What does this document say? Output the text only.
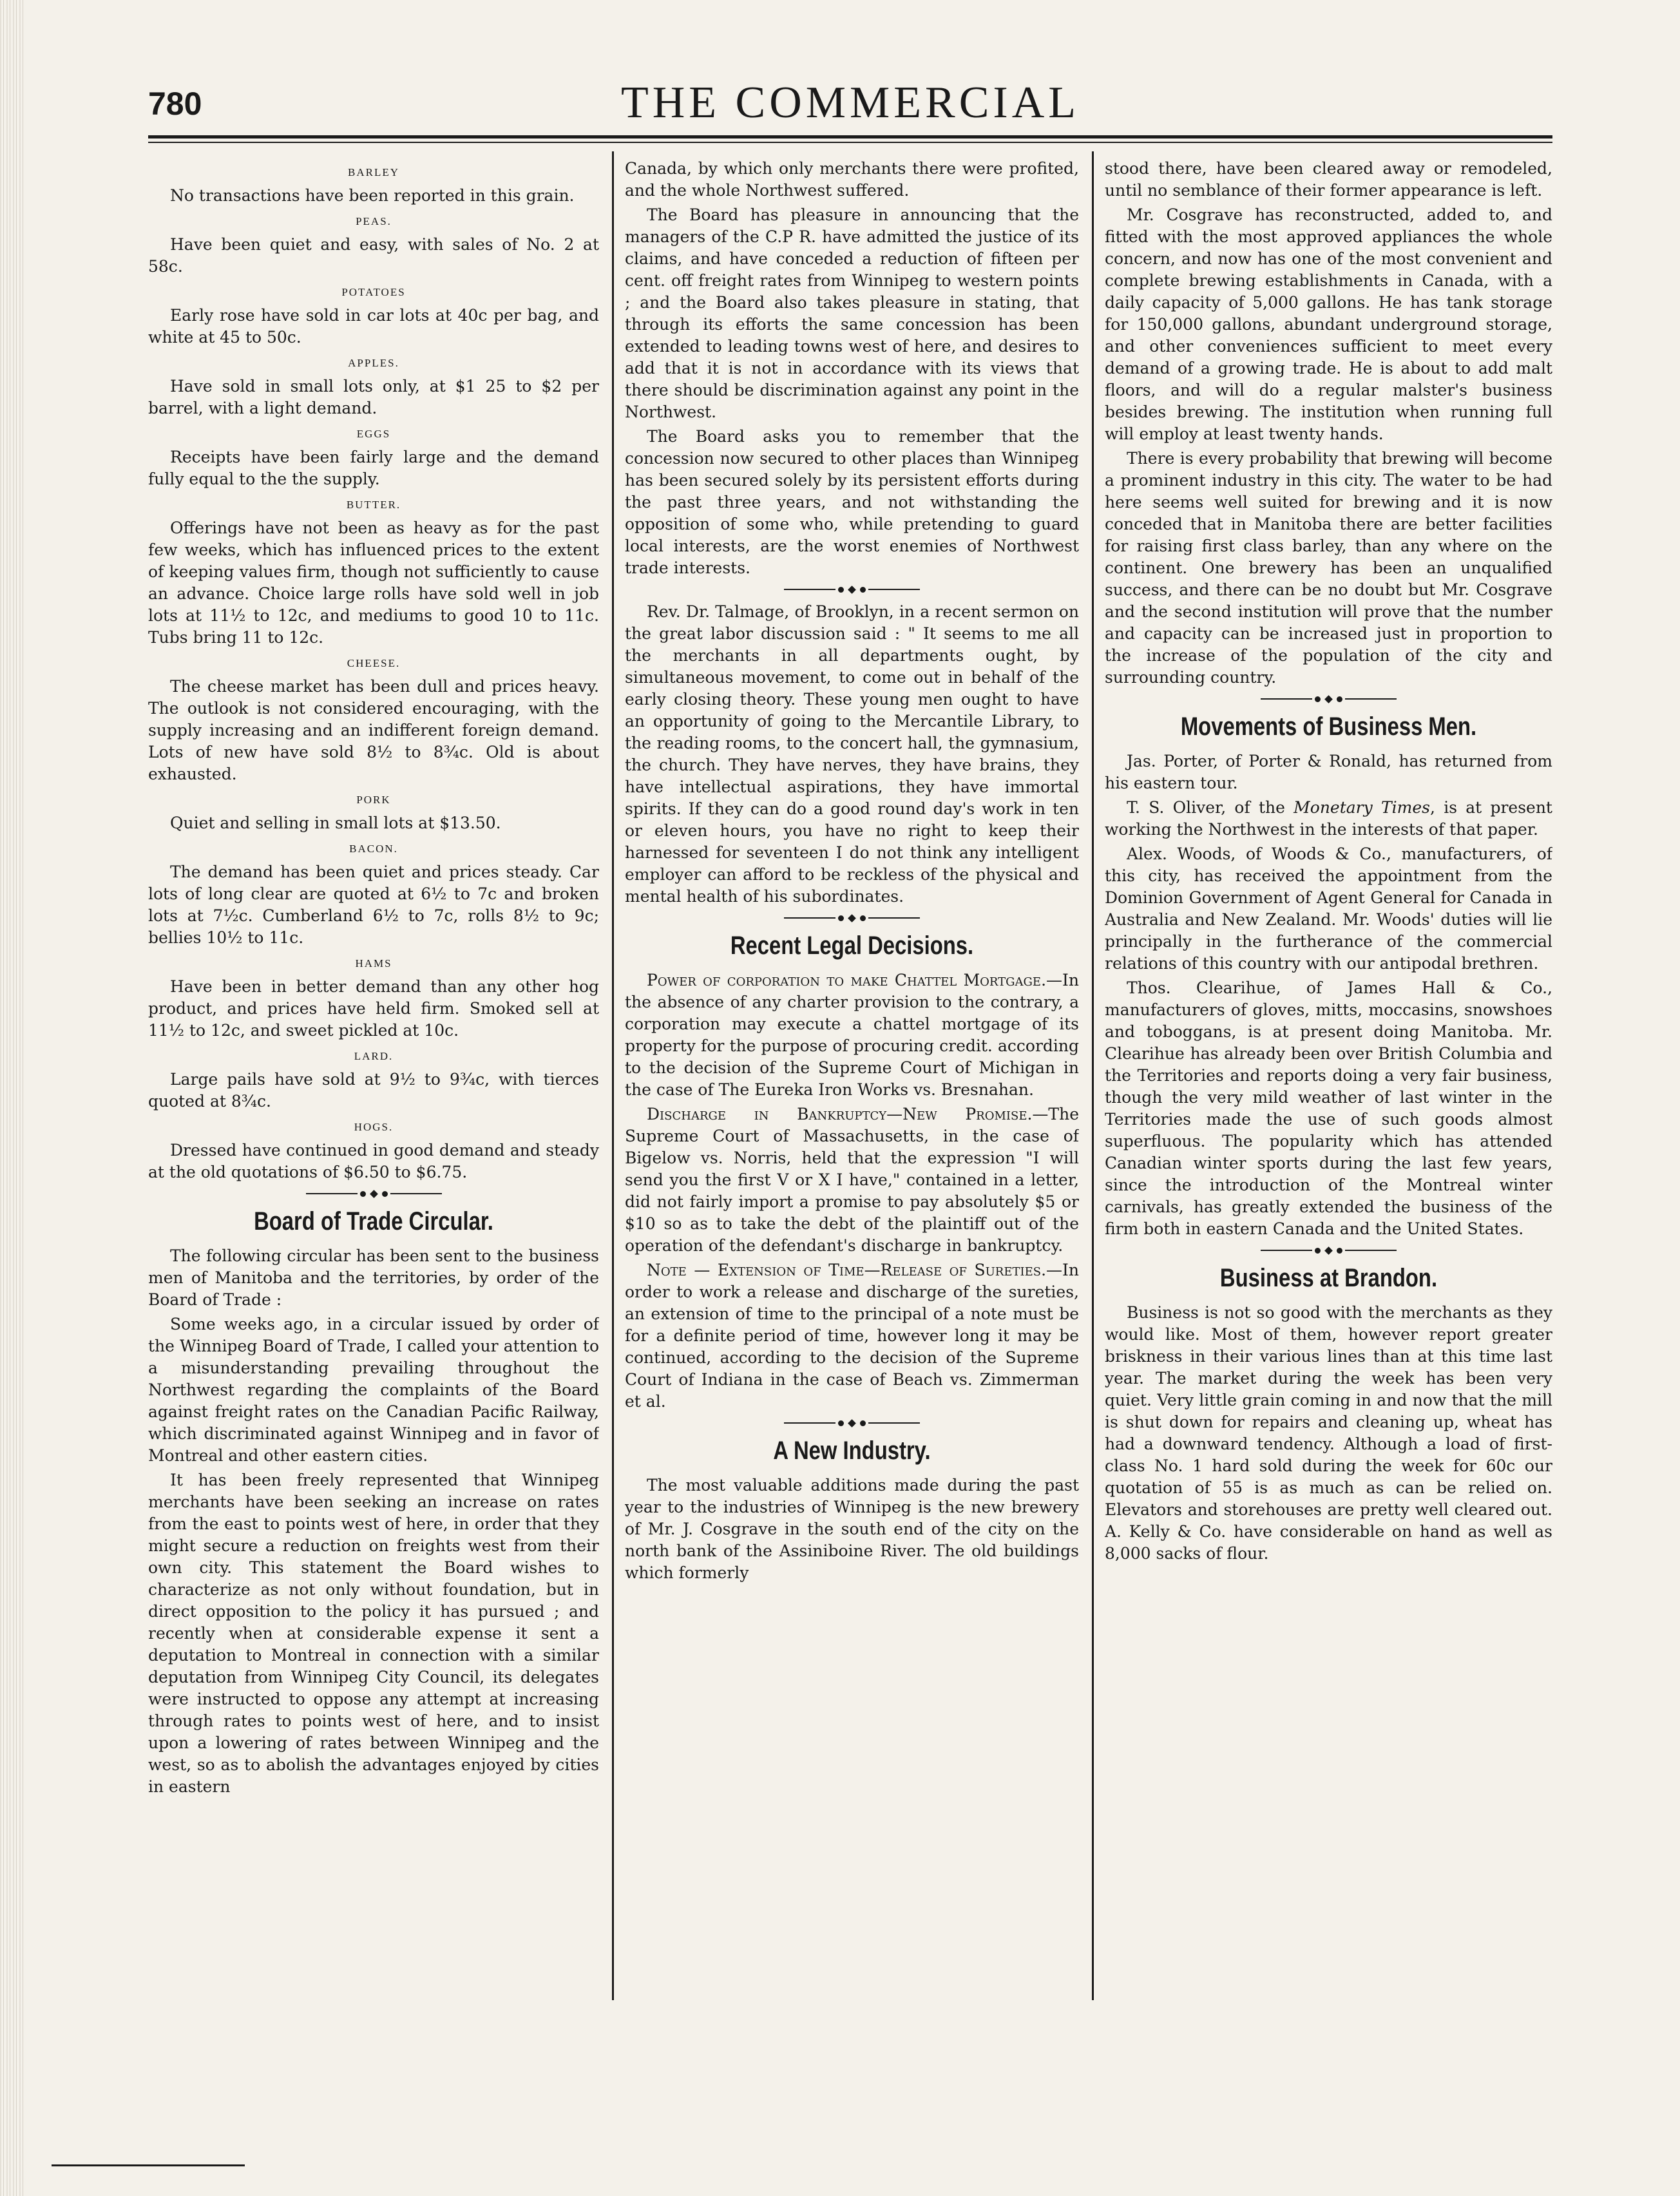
780	THE COMMERCIAL
BARLEY

No transactions have been reported in this grain.

PEAS.

Have been quiet and easy, with sales of No. 2 at 58c.

POTATOES

Early rose have sold in car lots at 40c per bag, and white at 45 to 50c.

APPLES.

Have sold in small lots only, at $1 25 to $2 per barrel, with a light demand.

EGGS

Receipts have been fairly large and the demand fully equal to the the supply.

BUTTER.

Offerings have not been as heavy as for the past few weeks, which has influenced prices to the extent of keeping values firm, though not sufficiently to cause an advance. Choice large rolls have sold well in job lots at 11½ to 12c, and mediums to good 10 to 11c. Tubs bring 11 to 12c.

CHEESE.

The cheese market has been dull and prices heavy. The outlook is not considered encouraging, with the supply increasing and an indifferent foreign demand. Lots of new have sold 8½ to 8¾c. Old is about exhausted.

PORK

Quiet and selling in small lots at $13.50.

BACON.

The demand has been quiet and prices steady. Car lots of long clear are quoted at 6½ to 7c and broken lots at 7½c. Cumberland 6½ to 7c, rolls 8½ to 9c; bellies 10½ to 11c.

HAMS

Have been in better demand than any other hog product, and prices have held firm. Smoked sell at 11½ to 12c, and sweet pickled at 10c.

LARD.

Large pails have sold at 9½ to 9¾c, with tierces quoted at 8¾c.

HOGS.

Dressed have continued in good demand and steady at the old quotations of $6.50 to $6.75.

Board of Trade Circular.

The following circular has been sent to the business men of Manitoba and the territories, by order of the Board of Trade :

Some weeks ago, in a circular issued by order of the Winnipeg Board of Trade, I called your attention to a misunderstanding prevailing throughout the Northwest regarding the complaints of the Board against freight rates on the Canadian Pacific Railway, which discriminated against Winnipeg and in favor of Montreal and other eastern cities.

It has been freely represented that Winnipeg merchants have been seeking an increase on rates from the east to points west of here, in order that they might secure a reduction on freights west from their own city. This statement the Board wishes to characterize as not only without foundation, but in direct opposition to the policy it has pursued ; and recently when at considerable expense it sent a deputation to Montreal in connection with a similar deputation from Winnipeg City Council, its delegates were instructed to oppose any attempt at increasing through rates to points west of here, and to insist upon a lowering of rates between Winnipeg and the west, so as to abolish the advantages enjoyed by cities in eastern

Canada, by which only merchants there were profited, and the whole Northwest suffered.

The Board has pleasure in announcing that the managers of the C.P R. have admitted the justice of its claims, and have conceded a reduction of fifteen per cent. off freight rates from Winnipeg to western points ; and the Board also takes pleasure in stating, that through its efforts the same concession has been extended to leading towns west of here, and desires to add that it is not in accordance with its views that there should be discrimination against any point in the Northwest.

The Board asks you to remember that the concession now secured to other places than Winnipeg has been secured solely by its persistent efforts during the past three years, and not withstanding the opposition of some who, while pretending to guard local interests, are the worst enemies of Northwest trade interests.

Rev. Dr. Talmage, of Brooklyn, in a recent sermon on the great labor discussion said : " It seems to me all the merchants in all departments ought, by simultaneous movement, to come out in behalf of the early closing theory. These young men ought to have an opportunity of going to the Mercantile Library, to the reading rooms, to the concert hall, the gymnasium, the church. They have nerves, they have brains, they have intellectual aspirations, they have immortal spirits. If they can do a good round day's work in ten or eleven hours, you have no right to keep their harnessed for seventeen I do not think any intelligent employer can afford to be reckless of the physical and mental health of his subordinates.

Recent Legal Decisions.

Power of corporation to make Chattel Mortgage.—In the absence of any charter provision to the contrary, a corporation may execute a chattel mortgage of its property for the purpose of procuring credit. according to the decision of the Supreme Court of Michigan in the case of The Eureka Iron Works vs. Bresnahan.

Discharge in Bankruptcy—New Promise.—The Supreme Court of Massachusetts, in the case of Bigelow vs. Norris, held that the expression "I will send you the first V or X I have," contained in a letter, did not fairly import a promise to pay absolutely $5 or $10 so as to take the debt of the plaintiff out of the operation of the defendant's discharge in bankruptcy.

Note — Extension of Time—Release of Sureties.—In order to work a release and discharge of the sureties, an extension of time to the principal of a note must be for a definite period of time, however long it may be continued, according to the decision of the Supreme Court of Indiana in the case of Beach vs. Zimmerman et al.

A New Industry.

The most valuable additions made during the past year to the industries of Winnipeg is the new brewery of Mr. J. Cosgrave in the south end of the city on the north bank of the Assiniboine River. The old buildings which formerly

stood there, have been cleared away or remodeled, until no semblance of their former appearance is left.

Mr. Cosgrave has reconstructed, added to, and fitted with the most approved appliances the whole concern, and now has one of the most convenient and complete brewing establishments in Canada, with a daily capacity of 5,000 gallons. He has tank storage for 150,000 gallons, abundant underground storage, and other conveniences sufficient to meet every demand of a growing trade. He is about to add malt floors, and will do a regular malster's business besides brewing. The institution when running full will employ at least twenty hands.

There is every probability that brewing will become a prominent industry in this city. The water to be had here seems well suited for brewing and it is now conceded that in Manitoba there are better facilities for raising first class barley, than any where on the continent. One brewery has been an unqualified success, and there can be no doubt but Mr. Cosgrave and the second institution will prove that the number and capacity can be increased just in proportion to the increase of the population of the city and surrounding country.

Movements of Business Men.

Jas. Porter, of Porter & Ronald, has returned from his eastern tour.

T. S. Oliver, of the Monetary Times, is at present working the Northwest in the interests of that paper.

Alex. Woods, of Woods & Co., manufacturers, of this city, has received the appointment from the Dominion Government of Agent General for Canada in Australia and New Zealand. Mr. Woods' duties will lie principally in the furtherance of the commercial relations of this country with our antipodal brethren.

Thos. Clearihue, of James Hall & Co., manufacturers of gloves, mitts, moccasins, snowshoes and toboggans, is at present doing Manitoba. Mr. Clearihue has already been over British Columbia and the Territories and reports doing a very fair business, though the very mild weather of last winter in the Territories made the use of such goods almost superfluous. The popularity which has attended Canadian winter sports during the last few years, since the introduction of the Montreal winter carnivals, has greatly extended the business of the firm both in eastern Canada and the United States.

Business at Brandon.

Business is not so good with the merchants as they would like. Most of them, however report greater briskness in their various lines than at this time last year. The market during the week has been very quiet. Very little grain coming in and now that the mill is shut down for repairs and cleaning up, wheat has had a downward tendency. Although a load of first-class No. 1 hard sold during the week for 60c our quotation of 55 is as much as can be relied on. Elevators and storehouses are pretty well cleared out. A. Kelly & Co. have considerable on hand as well as 8,000 sacks of flour.
